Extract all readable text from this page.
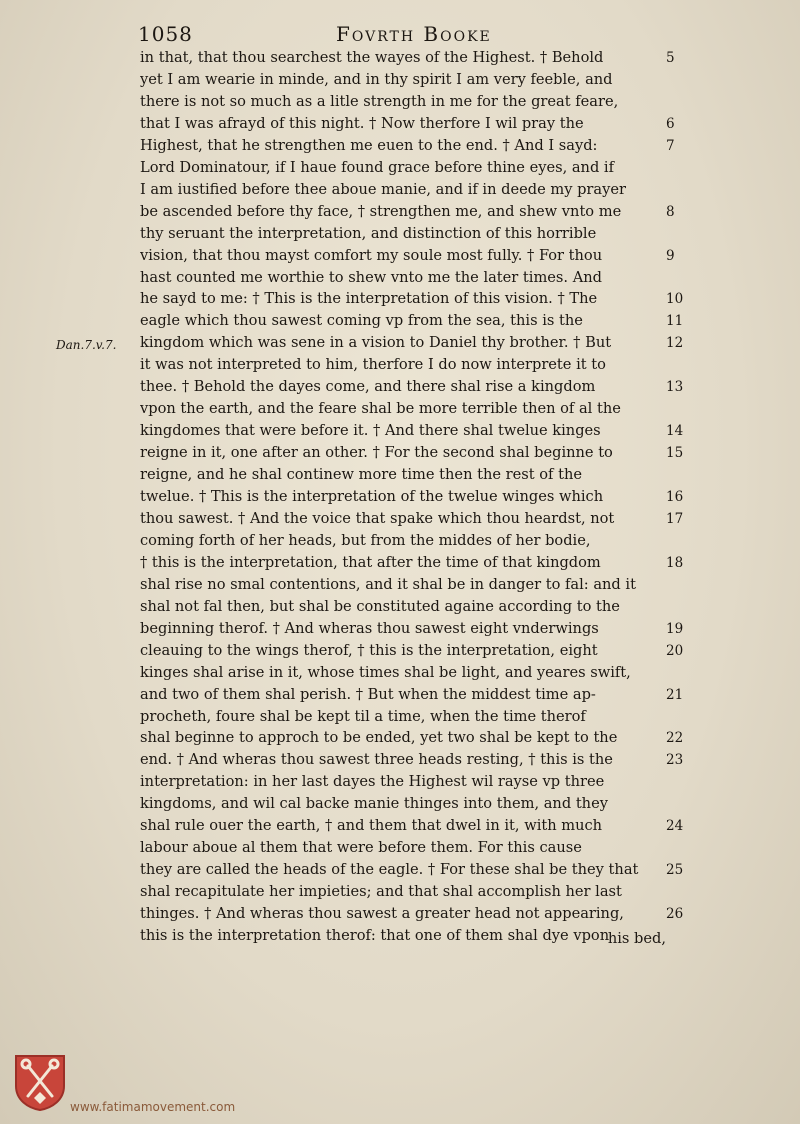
1058	Fovrth Booke
Dan.7.v.7.
in that, that thou searchest the wayes of the Highest. † Behold	5
yet I am wearie in minde, and in thy spirit I am very feeble, and
there is not so much as a litle strength in me for the great feare,
that I was afrayd of this night. † Now therfore I wil pray the	6
Highest, that he strengthen me euen to the end. † And I sayd:	7
Lord Dominatour, if I haue found grace before thine eyes, and if
I am iustified before thee aboue manie, and if in deede my prayer
be ascended before thy face, † strengthen me, and shew vnto me	8
thy seruant the interpretation, and distinction of this horrible
vision, that thou mayst comfort my soule most fully. † For thou	9
hast counted me worthie to shew vnto me the later times. And
he sayd to me: † This is the interpretation of this vision. † The	10
eagle which thou sawest coming vp from the sea, this is the	11
kingdom which was sene in a vision to Daniel thy brother. † But	12
it was not interpreted to him, therfore I do now interprete it to
thee. † Behold the dayes come, and there shal rise a kingdom	13
vpon the earth, and the feare shal be more terrible then of al the
kingdomes that were before it. † And there shal twelue kinges	14
reigne in it, one after an other. † For the second shal beginne to	15
reigne, and he shal continew more time then the rest of the
twelue. † This is the interpretation of the twelue winges which	16
thou sawest. † And the voice that spake which thou heardst, not	17
coming forth of her heads, but from the middes of her bodie,
† this is the interpretation, that after the time of that kingdom	18
shal rise no smal contentions, and it shal be in danger to fal: and it
shal not fal then, but shal be constituted againe according to the
beginning therof. † And wheras thou sawest eight vnderwings	19
cleauing to the wings therof, † this is the interpretation, eight	20
kinges shal arise in it, whose times shal be light, and yeares swift,
and two of them shal perish. † But when the middest time ap-	21
procheth, foure shal be kept til a time, when the time therof
shal beginne to approch to be ended, yet two shal be kept to the	22
end. † And wheras thou sawest three heads resting, † this is the	23
interpretation: in her last dayes the Highest wil rayse vp three
kingdoms, and wil cal backe manie thinges into them, and they
shal rule ouer the earth, † and them that dwel in it, with much	24
labour aboue al them that were before them. For this cause
they are called the heads of the eagle. † For these shal be they that	25
shal recapitulate her impieties; and that shal accomplish her last
thinges. † And wheras thou sawest a greater head not appearing,	26
this is the interpretation therof: that one of them shal dye vpon
his bed,
www.fatimamovement.com
